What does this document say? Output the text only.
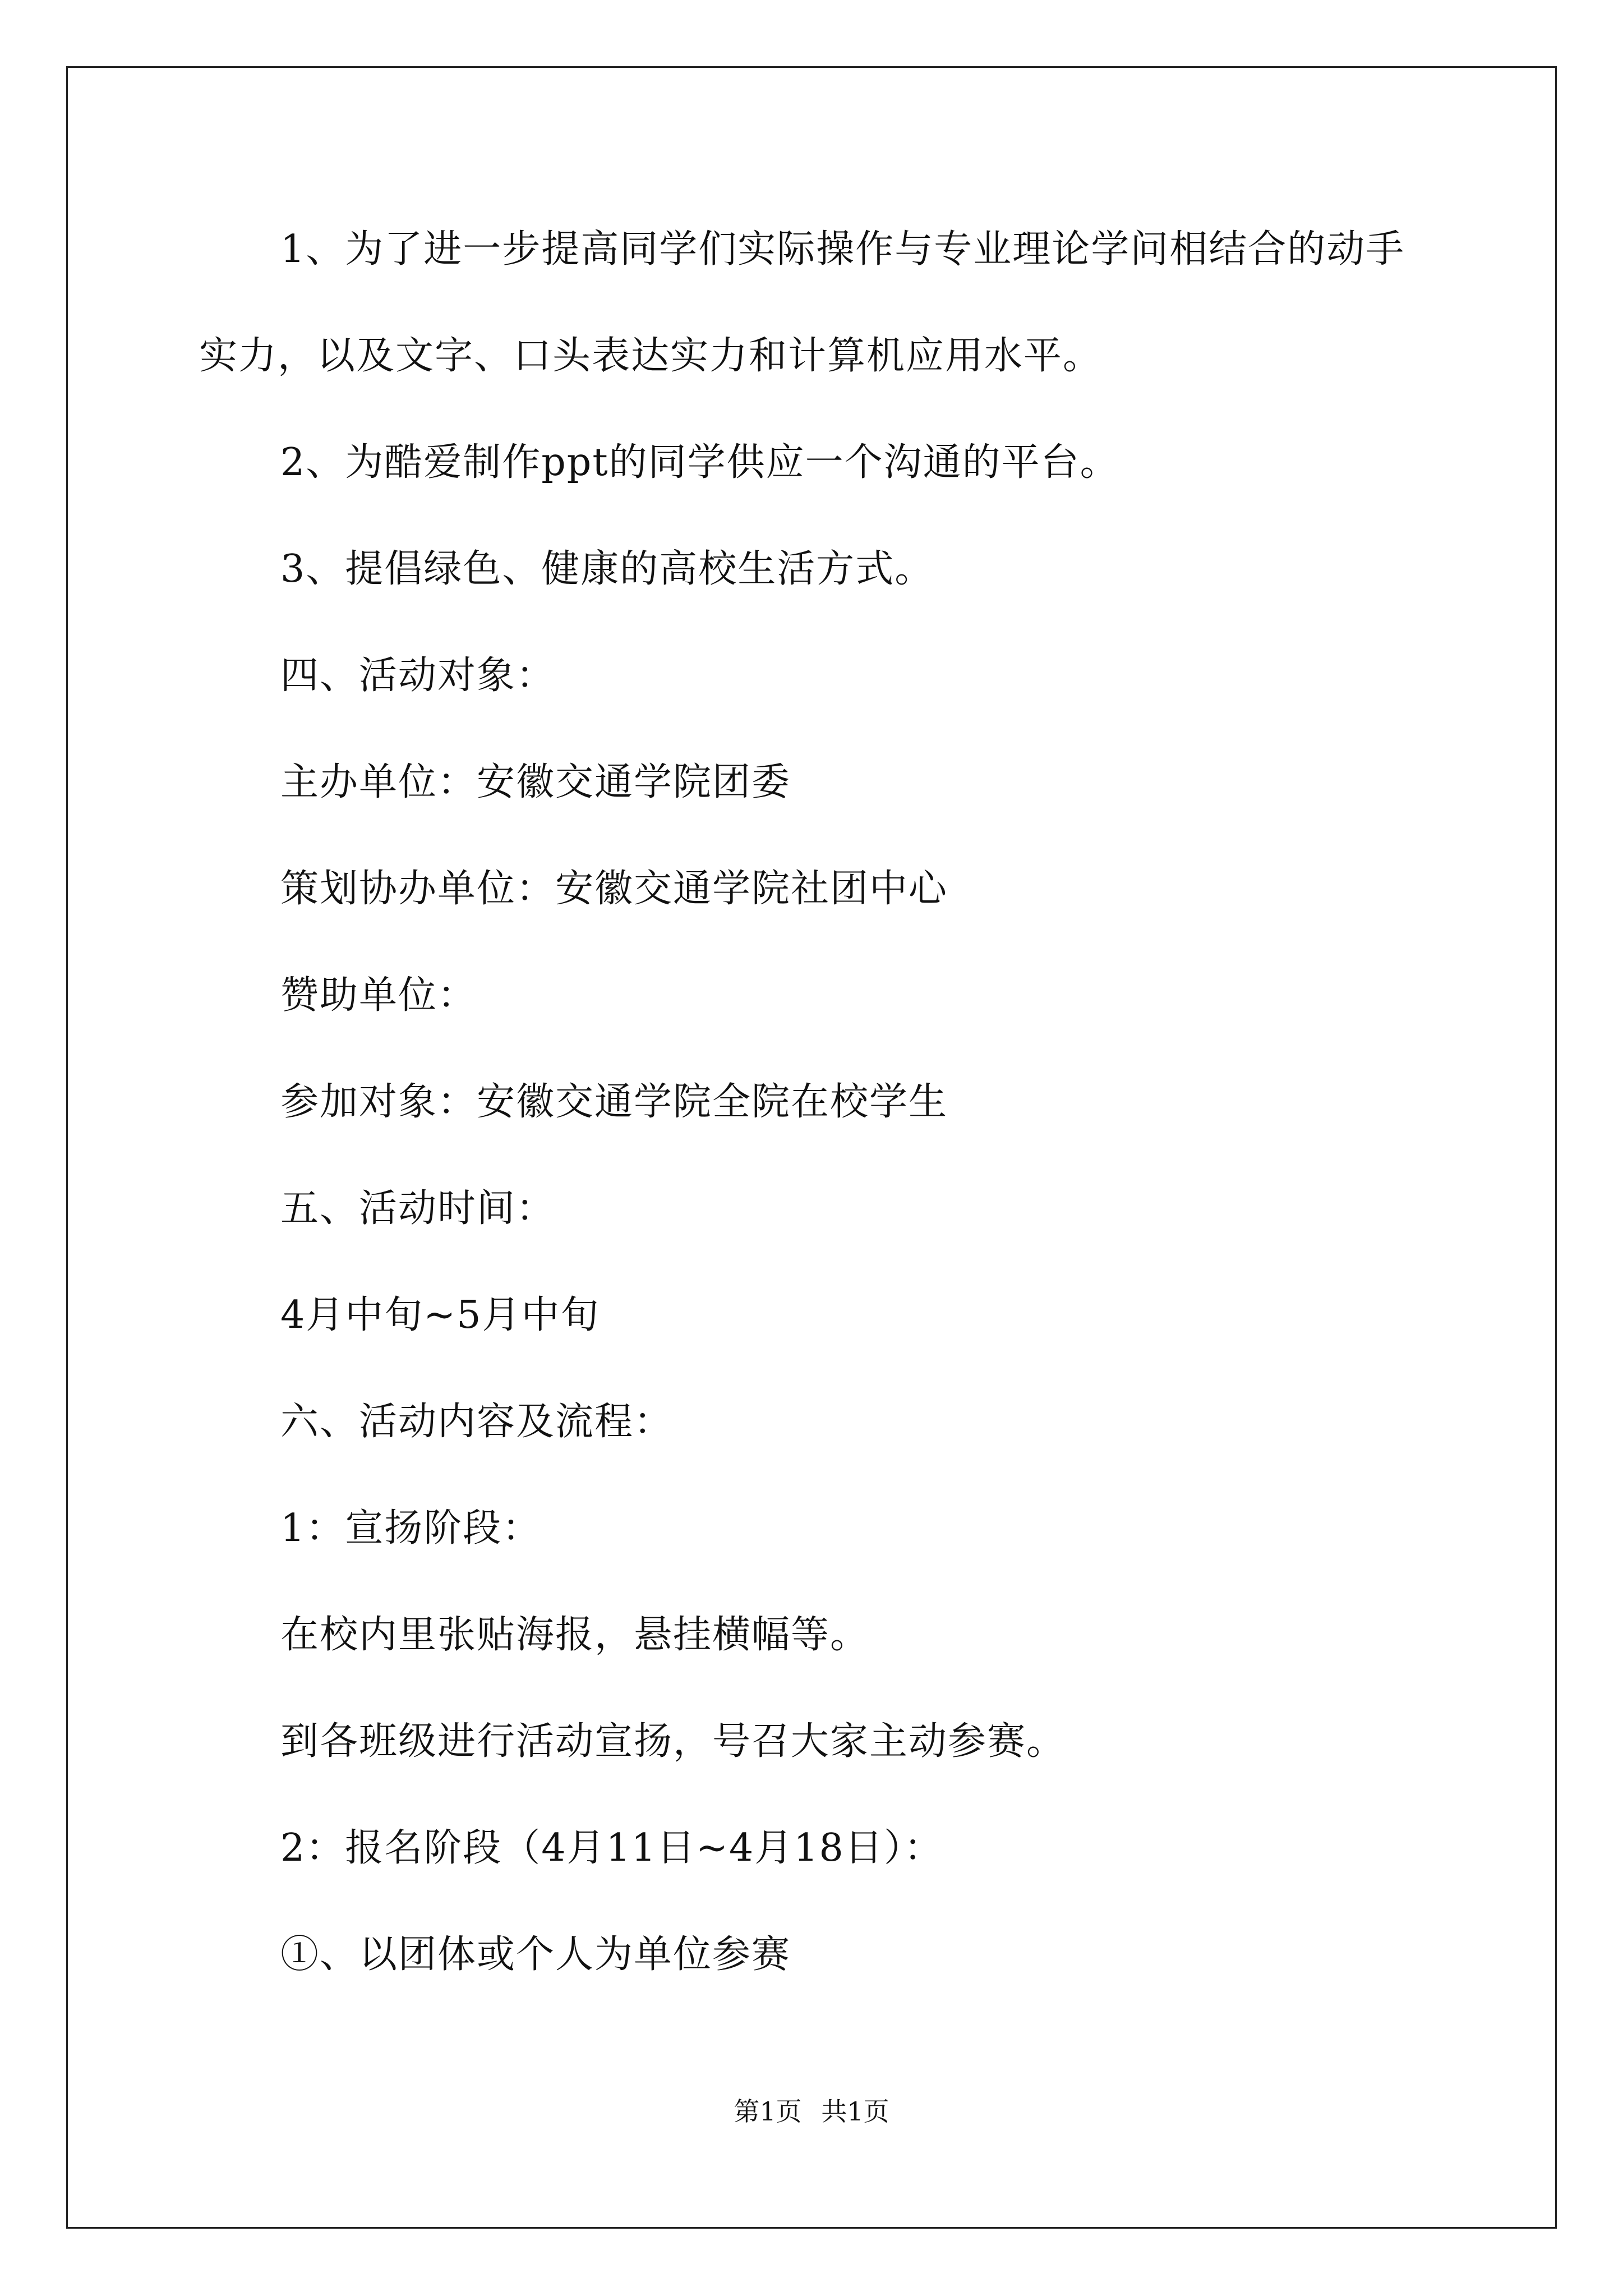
1、为了进一步提高同学们实际操作与专业理论学问相结合的动手
实力，以及文字、口头表达实力和计算机应用水平。
2、为酷爱制作ppt的同学供应一个沟通的平台。
3、提倡绿色、健康的高校生活方式。
四、活动对象：
主办单位：安徽交通学院团委
策划协办单位：安徽交通学院社团中心
赞助单位：
参加对象：安徽交通学院全院在校学生
五、活动时间：
4月中旬~5月中旬
六、活动内容及流程：
1：宣扬阶段：
在校内里张贴海报，悬挂横幅等。
到各班级进行活动宣扬，号召大家主动参赛。
2：报名阶段（4月11日~4月18日）：
①、以团体或个人为单位参赛
第1页 共1页
